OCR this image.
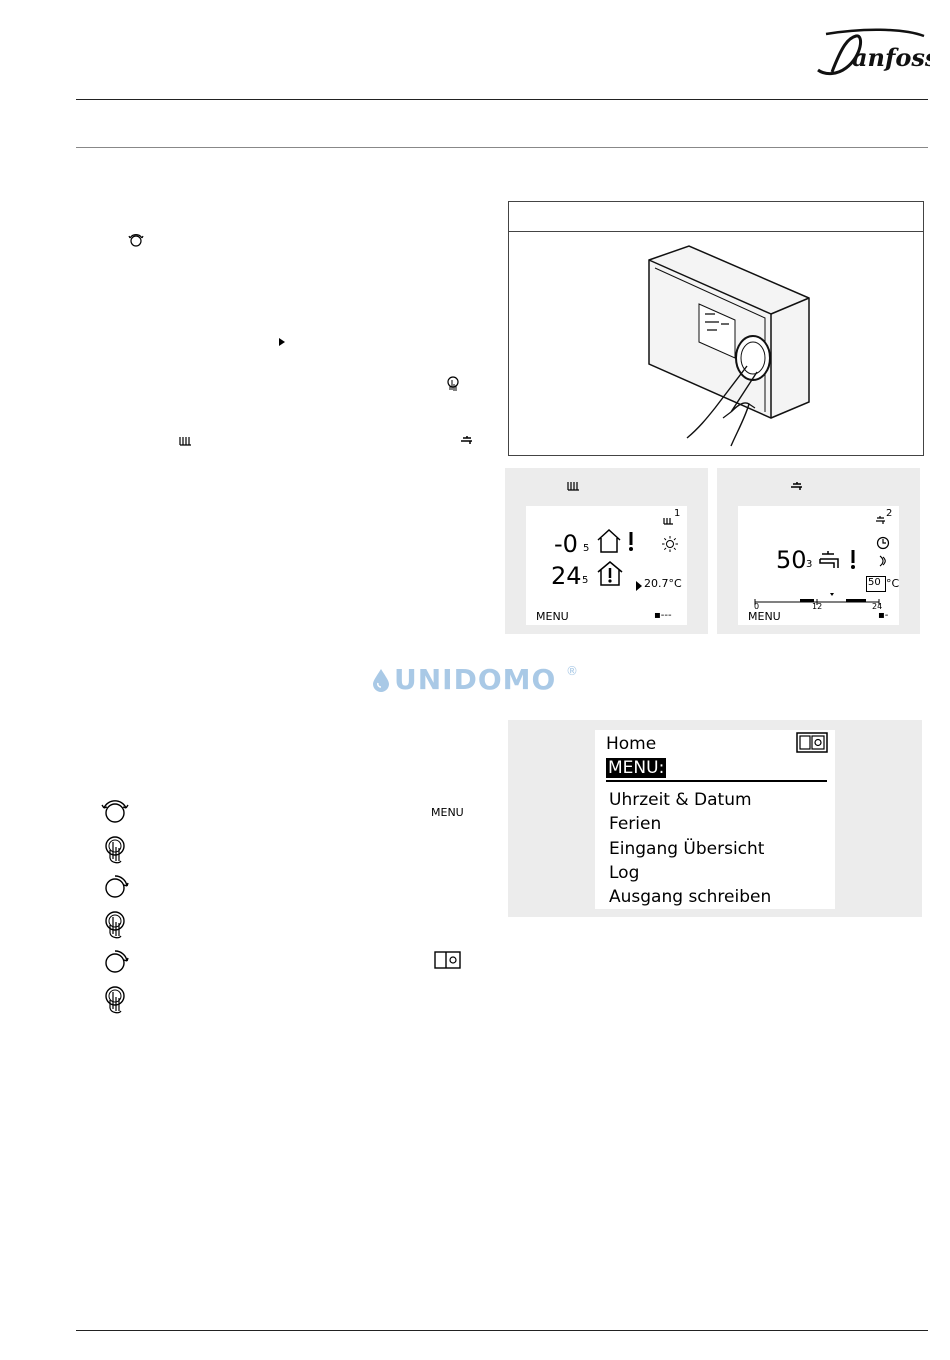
anfoss
1
-0 5
24 5	20.7°C
MENU	▪---
2
50 3
50 °C
0	12	24
MENU	▪-
UNIDOMO ®
MENU
Home
MENU:
Uhrzeit & Datum
Ferien
Eingang Übersicht
Log
Ausgang schreiben
